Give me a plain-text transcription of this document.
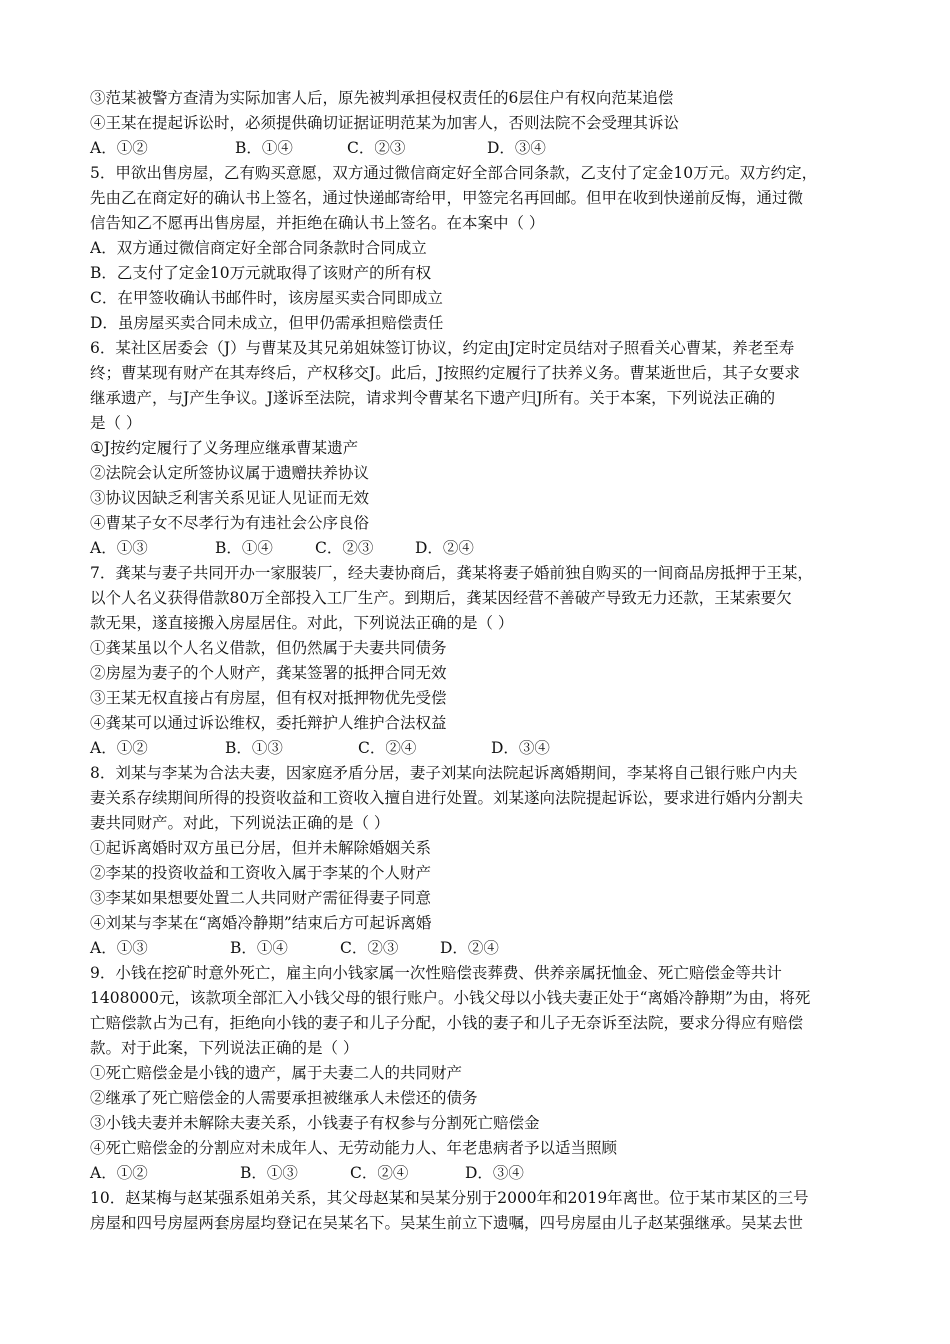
③范某被警方查清为实际加害人后，原先被判承担侵权责任的6层住户有权向范某追偿
④王某在提起诉讼时，必须提供确切证据证明范某为加害人，否则法院不会受理其诉讼
A．①②	B．①④	C．②③	D．③④
5．甲欲出售房屋，乙有购买意愿，双方通过微信商定好全部合同条款，乙支付了定金10万元。双方约定，
先由乙在商定好的确认书上签名，通过快递邮寄给甲，甲签完名再回邮。但甲在收到快递前反悔，通过微
信告知乙不愿再出售房屋，并拒绝在确认书上签名。在本案中（ ）
A．双方通过微信商定好全部合同条款时合同成立
B．乙支付了定金10万元就取得了该财产的所有权
C．在甲签收确认书邮件时，该房屋买卖合同即成立
D．虽房屋买卖合同未成立，但甲仍需承担赔偿责任
6．某社区居委会（J）与曹某及其兄弟姐妹签订协议，约定由J定时定员结对子照看关心曹某，养老至寿
终；曹某现有财产在其寿终后，产权移交J。此后，J按照约定履行了扶养义务。曹某逝世后，其子女要求
继承遗产，与J产生争议。J遂诉至法院，请求判令曹某名下遗产归J所有。关于本案，下列说法正确的
是（ ）
①J按约定履行了义务理应继承曹某遗产
②法院会认定所签协议属于遗赠扶养协议
③协议因缺乏利害关系见证人见证而无效
④曹某子女不尽孝行为有违社会公序良俗
A．①③	B．①④	C．②③	D．②④
7．龚某与妻子共同开办一家服装厂，经夫妻协商后，龚某将妻子婚前独自购买的一间商品房抵押于王某，
以个人名义获得借款80万全部投入工厂生产。到期后，龚某因经营不善破产导致无力还款，王某索要欠
款无果，遂直接搬入房屋居住。对此，下列说法正确的是（ ）
①龚某虽以个人名义借款，但仍然属于夫妻共同债务
②房屋为妻子的个人财产，龚某签署的抵押合同无效
③王某无权直接占有房屋，但有权对抵押物优先受偿
④龚某可以通过诉讼维权，委托辩护人维护合法权益
A．①②	B．①③	C．②④	D．③④
8．刘某与李某为合法夫妻，因家庭矛盾分居，妻子刘某向法院起诉离婚期间，李某将自己银行账户内夫
妻关系存续期间所得的投资收益和工资收入擅自进行处置。刘某遂向法院提起诉讼，要求进行婚内分割夫
妻共同财产。对此，下列说法正确的是（ ）
①起诉离婚时双方虽已分居，但并未解除婚姻关系
②李某的投资收益和工资收入属于李某的个人财产
③李某如果想要处置二人共同财产需征得妻子同意
④刘某与李某在“离婚冷静期”结束后方可起诉离婚
A．①③	B．①④	C．②③	D．②④
9．小钱在挖矿时意外死亡，雇主向小钱家属一次性赔偿丧葬费、供养亲属抚恤金、死亡赔偿金等共计
1408000元，该款项全部汇入小钱父母的银行账户。小钱父母以小钱夫妻正处于“离婚冷静期”为由，将死
亡赔偿款占为己有，拒绝向小钱的妻子和儿子分配，小钱的妻子和儿子无奈诉至法院，要求分得应有赔偿
款。对于此案，下列说法正确的是（ ）
①死亡赔偿金是小钱的遗产，属于夫妻二人的共同财产
②继承了死亡赔偿金的人需要承担被继承人未偿还的债务
③小钱夫妻并未解除夫妻关系，小钱妻子有权参与分割死亡赔偿金
④死亡赔偿金的分割应对未成年人、无劳动能力人、年老患病者予以适当照顾
A．①②	B．①③	C．②④	D．③④
10．赵某梅与赵某强系姐弟关系，其父母赵某和吴某分别于2000年和2019年离世。位于某市某区的三号
房屋和四号房屋两套房屋均登记在吴某名下。吴某生前立下遗嘱，四号房屋由儿子赵某强继承。吴某去世
